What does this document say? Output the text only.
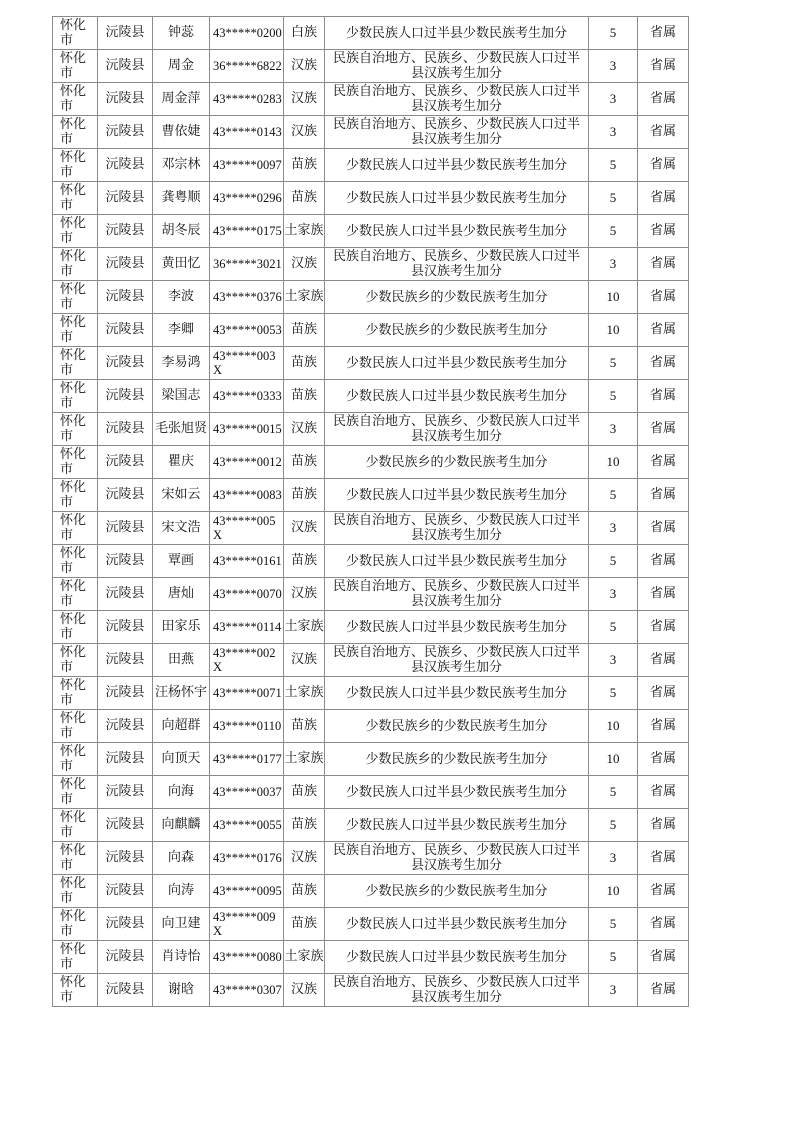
怀化市	沅陵县	钟蕊	43*****0200	白族	少数民族人口过半县少数民族考生加分	5	省属
怀化市	沅陵县	周金	36*****6822	汉族	民族自治地方、民族乡、少数民族人口过半县汉族考生加分	3	省属
怀化市	沅陵县	周金萍	43*****0283	汉族	民族自治地方、民族乡、少数民族人口过半县汉族考生加分	3	省属
怀化市	沅陵县	曹依婕	43*****0143	汉族	民族自治地方、民族乡、少数民族人口过半县汉族考生加分	3	省属
怀化市	沅陵县	邓宗林	43*****0097	苗族	少数民族人口过半县少数民族考生加分	5	省属
怀化市	沅陵县	龚粤顺	43*****0296	苗族	少数民族人口过半县少数民族考生加分	5	省属
怀化市	沅陵县	胡冬辰	43*****0175	土家族	少数民族人口过半县少数民族考生加分	5	省属
怀化市	沅陵县	黄田忆	36*****3021	汉族	民族自治地方、民族乡、少数民族人口过半县汉族考生加分	3	省属
怀化市	沅陵县	李波	43*****0376	土家族	少数民族乡的少数民族考生加分	10	省属
怀化市	沅陵县	李卿	43*****0053	苗族	少数民族乡的少数民族考生加分	10	省属
怀化市	沅陵县	李易鸿	43*****003X	苗族	少数民族人口过半县少数民族考生加分	5	省属
怀化市	沅陵县	梁国志	43*****0333	苗族	少数民族人口过半县少数民族考生加分	5	省属
怀化市	沅陵县	毛张旭贤	43*****0015	汉族	民族自治地方、民族乡、少数民族人口过半县汉族考生加分	3	省属
怀化市	沅陵县	瞿庆	43*****0012	苗族	少数民族乡的少数民族考生加分	10	省属
怀化市	沅陵县	宋如云	43*****0083	苗族	少数民族人口过半县少数民族考生加分	5	省属
怀化市	沅陵县	宋文浩	43*****005X	汉族	民族自治地方、民族乡、少数民族人口过半县汉族考生加分	3	省属
怀化市	沅陵县	覃画	43*****0161	苗族	少数民族人口过半县少数民族考生加分	5	省属
怀化市	沅陵县	唐灿	43*****0070	汉族	民族自治地方、民族乡、少数民族人口过半县汉族考生加分	3	省属
怀化市	沅陵县	田家乐	43*****0114	土家族	少数民族人口过半县少数民族考生加分	5	省属
怀化市	沅陵县	田燕	43*****002X	汉族	民族自治地方、民族乡、少数民族人口过半县汉族考生加分	3	省属
怀化市	沅陵县	汪杨怀宇	43*****0071	土家族	少数民族人口过半县少数民族考生加分	5	省属
怀化市	沅陵县	向超群	43*****0110	苗族	少数民族乡的少数民族考生加分	10	省属
怀化市	沅陵县	向顶天	43*****0177	土家族	少数民族乡的少数民族考生加分	10	省属
怀化市	沅陵县	向海	43*****0037	苗族	少数民族人口过半县少数民族考生加分	5	省属
怀化市	沅陵县	向麒麟	43*****0055	苗族	少数民族人口过半县少数民族考生加分	5	省属
怀化市	沅陵县	向森	43*****0176	汉族	民族自治地方、民族乡、少数民族人口过半县汉族考生加分	3	省属
怀化市	沅陵县	向涛	43*****0095	苗族	少数民族乡的少数民族考生加分	10	省属
怀化市	沅陵县	向卫建	43*****009X	苗族	少数民族人口过半县少数民族考生加分	5	省属
怀化市	沅陵县	肖诗怡	43*****0080	土家族	少数民族人口过半县少数民族考生加分	5	省属
怀化市	沅陵县	谢晗	43*****0307	汉族	民族自治地方、民族乡、少数民族人口过半县汉族考生加分	3	省属
